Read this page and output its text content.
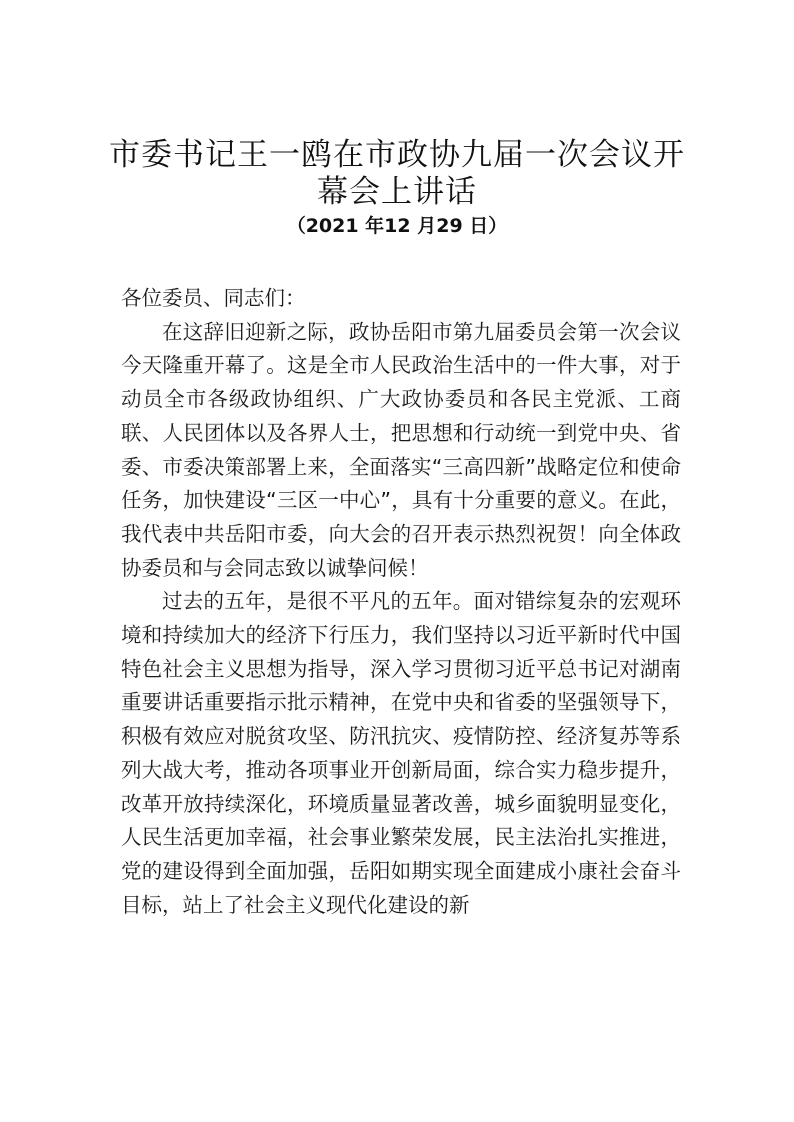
市委书记王一鸥在市政协九届一次会议开
幕会上讲话
（2021 年12 月29 日）

各位委员、同志们：

在这辞旧迎新之际，政协岳阳市第九届委员会第一次会议今天隆重开幕了。这是全市人民政治生活中的一件大事，对于动员全市各级政协组织、广大政协委员和各民主党派、工商联、人民团体以及各界人士，把思想和行动统一到党中央、省委、市委决策部署上来，全面落实“三高四新”战略定位和使命任务，加快建设“三区一中心”，具有十分重要的意义。在此，我代表中共岳阳市委，向大会的召开表示热烈祝贺！向全体政协委员和与会同志致以诚挚问候！

过去的五年，是很不平凡的五年。面对错综复杂的宏观环境和持续加大的经济下行压力，我们坚持以习近平新时代中国特色社会主义思想为指导，深入学习贯彻习近平总书记对湖南重要讲话重要指示批示精神，在党中央和省委的坚强领导下，积极有效应对脱贫攻坚、防汛抗灾、疫情防控、经济复苏等系列大战大考，推动各项事业开创新局面，综合实力稳步提升，改革开放持续深化，环境质量显著改善，城乡面貌明显变化，人民生活更加幸福，社会事业繁荣发展，民主法治扎实推进，党的建设得到全面加强，岳阳如期实现全面建成小康社会奋斗目标，站上了社会主义现代化建设的新
